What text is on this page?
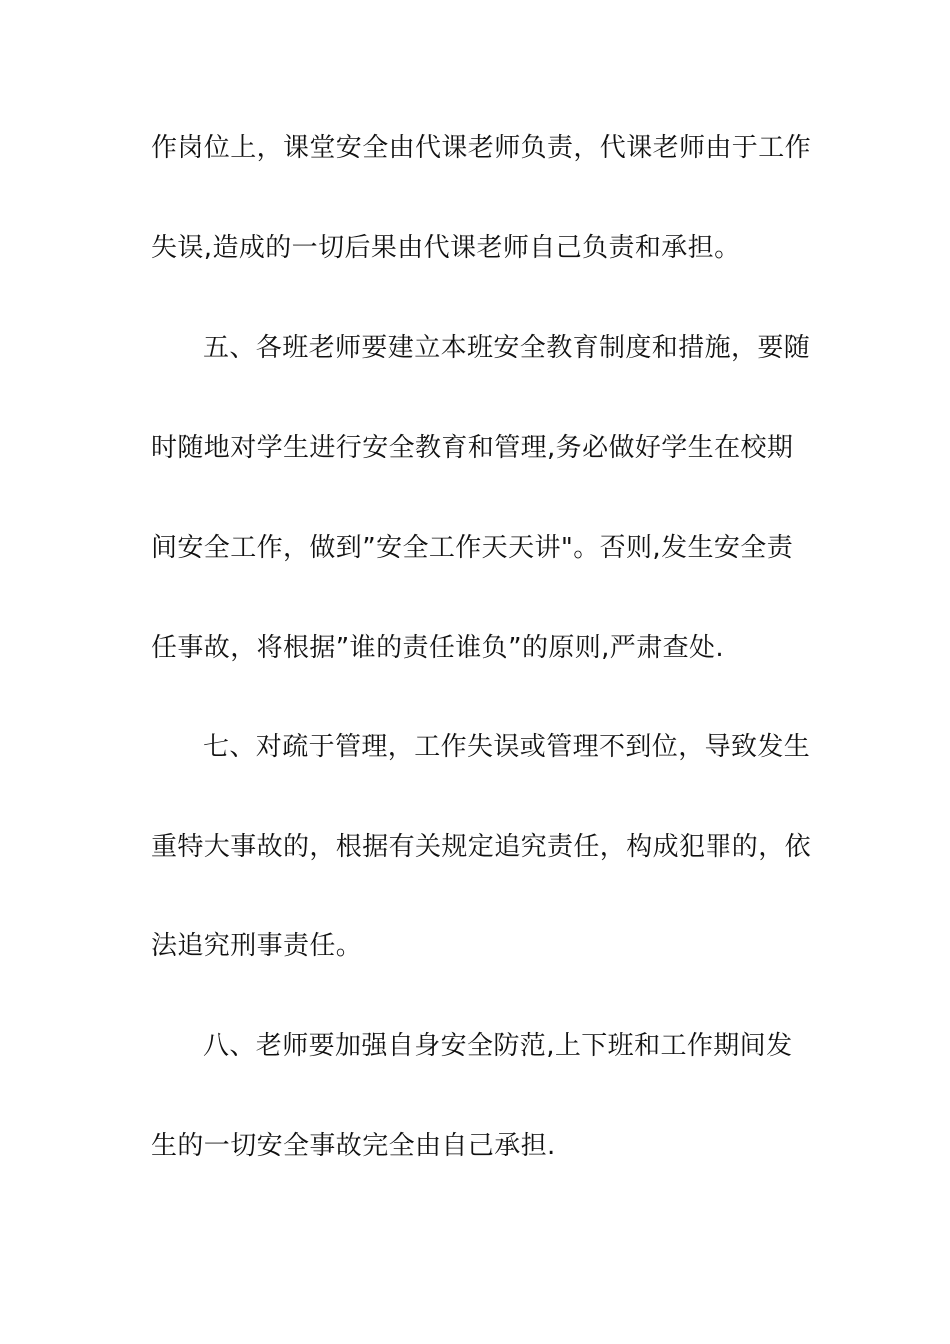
作岗位上，课堂安全由代课老师负责，代课老师由于工作
失误,造成的一切后果由代课老师自己负责和承担。
五、各班老师要建立本班安全教育制度和措施，要随
时随地对学生进行安全教育和管理,务必做好学生在校期
间安全工作，做到”安全工作天天讲"。否则,发生安全责
任事故，将根据”谁的责任谁负”的原则,严肃查处.
七、对疏于管理，工作失误或管理不到位，导致发生
重特大事故的，根据有关规定追究责任，构成犯罪的，依
法追究刑事责任。
八、老师要加强自身安全防范,上下班和工作期间发
生的一切安全事故完全由自己承担.
